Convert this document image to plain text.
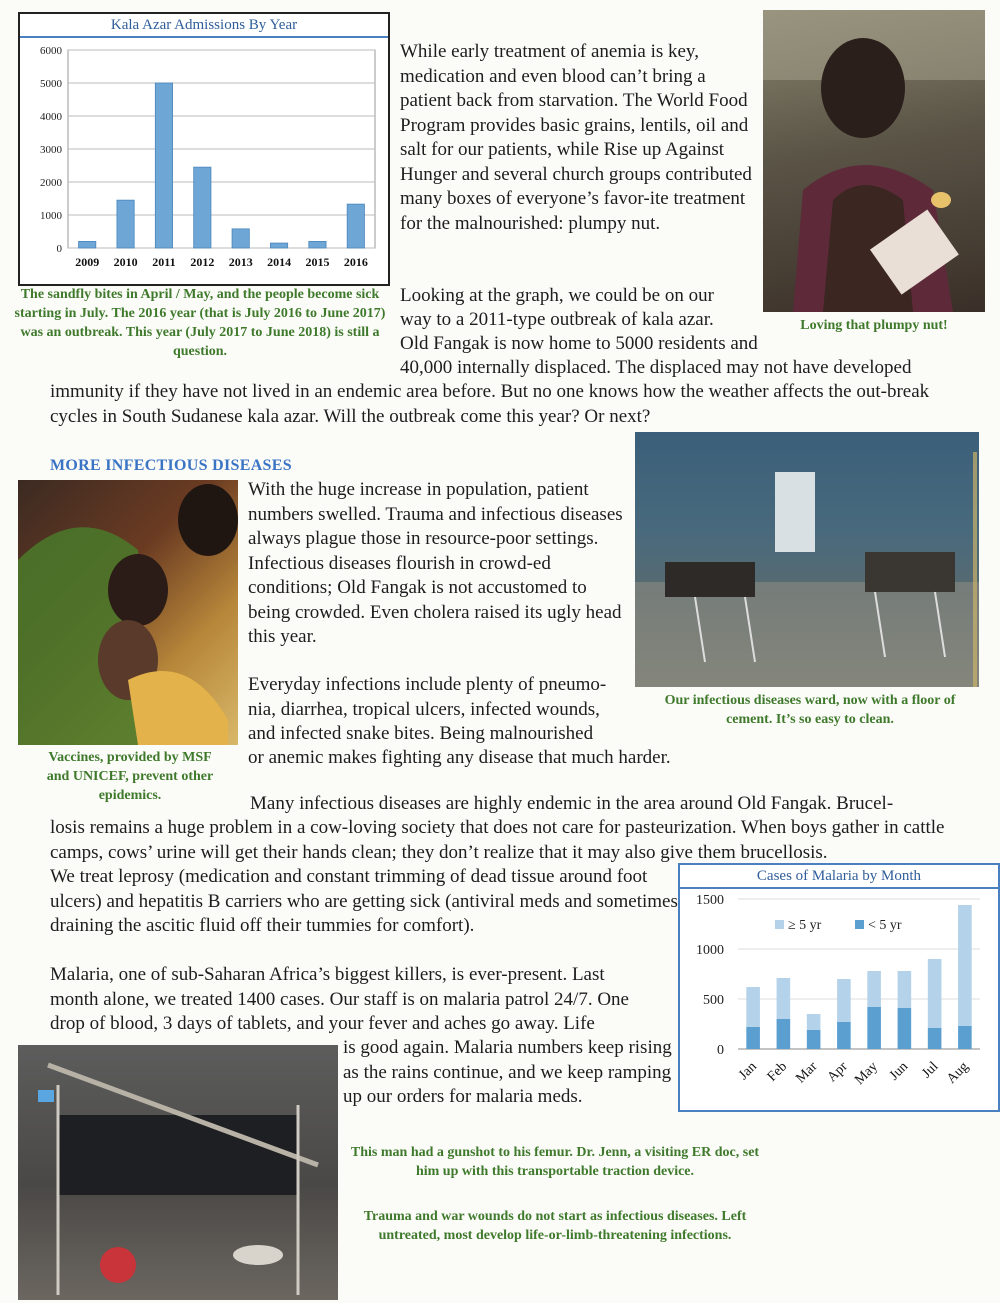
Kala Azar Admissions By Year
0
1000
2000
3000
4000
5000
6000
2009 2010 2011 2012 2013 2014 2015 2016
The sandfly bites in April / May, and the people become sick starting in July. The 2016 year (that is July 2016 to June 2017) was an outbreak. This year (July 2017 to June 2018) is still a question.
While early treatment of anemia is key, medication and even blood can’t bring a patient back from starvation. The World Food Program provides basic grains, lentils, oil and salt for our patients, while Rise up Against Hunger and several church groups contributed many boxes of everyone’s favor-ite treatment for the malnourished: plumpy nut.
Loving that plumpy nut!
Looking at the graph, we could be on our
way to a 2011-type outbreak of kala azar.
Old Fangak is now home to 5000 residents and
40,000 internally displaced. The displaced may not have developed
immunity if they have not lived in an endemic area before. But no one knows how the weather affects the out-break cycles in South Sudanese kala azar. Will the outbreak come this year? Or next?
MORE INFECTIOUS DISEASES
Vaccines, provided by MSF and UNICEF, prevent other epidemics.
With the huge increase in population, patient numbers swelled. Trauma and infectious diseases always plague those in resource-poor settings. Infectious diseases flourish in crowd-ed conditions; Old Fangak is not accustomed to being crowded. Even cholera raised its ugly head this year.
Everyday infections include plenty of pneumo-nia, diarrhea, tropical ulcers, infected wounds, and infected snake bites. Being malnourished
or anemic makes fighting any disease that much harder.
Our infectious diseases ward, now with a floor of cement. It’s so easy to clean.
Many infectious diseases are highly endemic in the area around Old Fangak. Brucel-
losis remains a huge problem in a cow-loving society that does not care for pasteurization. When boys gather in cattle camps, cows’ urine will get their hands clean; they don’t realize that it may also give them brucellosis.
We treat leprosy (medication and constant trimming of dead tissue around foot ulcers) and hepatitis B carriers who are getting sick (antiviral meds and sometimes draining the ascitic fluid off their tummies for comfort).
Cases of Malaria by Month
0
500
1000
1500
Jan Feb Mar Apr May Jun Jul Aug
≥ 5 yr	< 5 yr
Malaria, one of sub-Saharan Africa’s biggest killers, is ever-present. Last month alone, we treated 1400 cases. Our staff is on malaria patrol 24/7. One drop of blood, 3 days of tablets, and your fever and aches go away. Life
is good again. Malaria numbers keep rising as the rains continue, and we keep ramping up our orders for malaria meds.
This man had a gunshot to his femur. Dr. Jenn, a visiting ER doc, set him up with this transportable traction device.
Trauma and war wounds do not start as infectious diseases. Left untreated, most develop life-or-limb-threatening infections.
